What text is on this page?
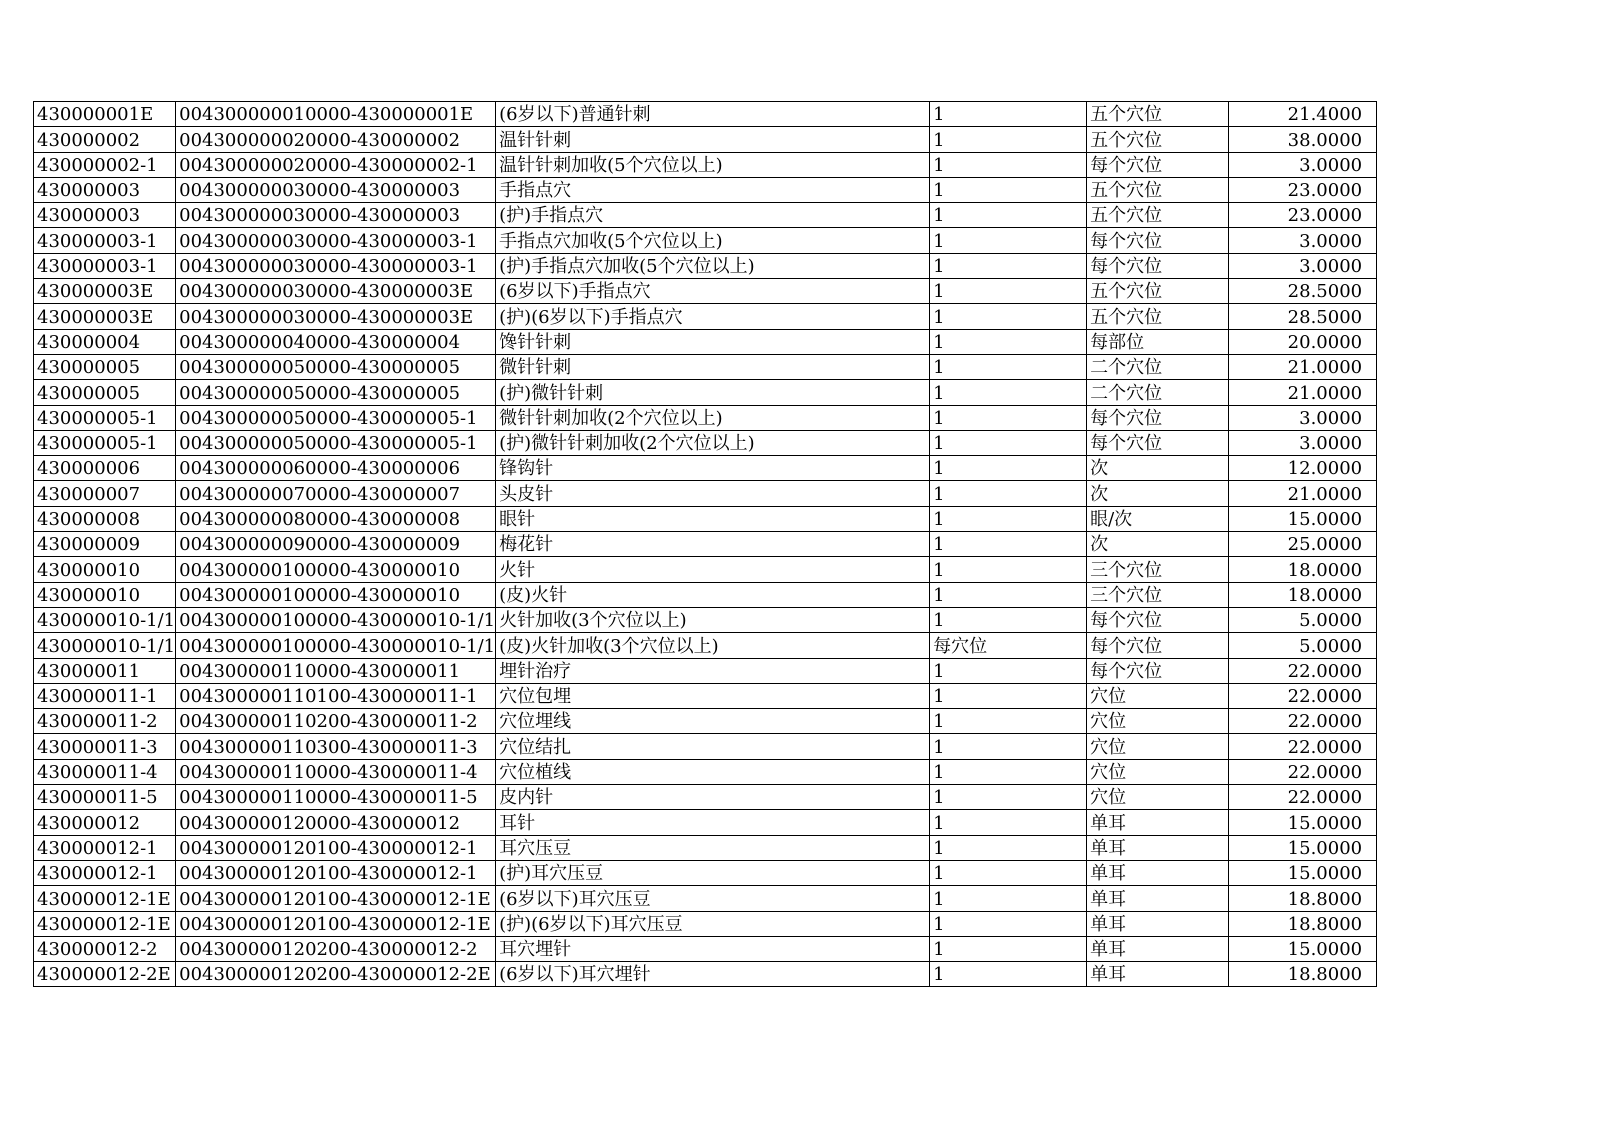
430000001E	004300000010000-430000001E	(6岁以下)普通针刺	1	五个穴位	21.4000
430000002	004300000020000-430000002	温针针刺	1	五个穴位	38.0000
430000002-1	004300000020000-430000002-1	温针针刺加收(5个穴位以上)	1	每个穴位	3.0000
430000003	004300000030000-430000003	手指点穴	1	五个穴位	23.0000
430000003	004300000030000-430000003	(护)手指点穴	1	五个穴位	23.0000
430000003-1	004300000030000-430000003-1	手指点穴加收(5个穴位以上)	1	每个穴位	3.0000
430000003-1	004300000030000-430000003-1	(护)手指点穴加收(5个穴位以上)	1	每个穴位	3.0000
430000003E	004300000030000-430000003E	(6岁以下)手指点穴	1	五个穴位	28.5000
430000003E	004300000030000-430000003E	(护)(6岁以下)手指点穴	1	五个穴位	28.5000
430000004	004300000040000-430000004	馋针针刺	1	每部位	20.0000
430000005	004300000050000-430000005	微针针刺	1	二个穴位	21.0000
430000005	004300000050000-430000005	(护)微针针刺	1	二个穴位	21.0000
430000005-1	004300000050000-430000005-1	微针针刺加收(2个穴位以上)	1	每个穴位	3.0000
430000005-1	004300000050000-430000005-1	(护)微针针刺加收(2个穴位以上)	1	每个穴位	3.0000
430000006	004300000060000-430000006	锋钩针	1	次	12.0000
430000007	004300000070000-430000007	头皮针	1	次	21.0000
430000008	004300000080000-430000008	眼针	1	眼/次	15.0000
430000009	004300000090000-430000009	梅花针	1	次	25.0000
430000010	004300000100000-430000010	火针	1	三个穴位	18.0000
430000010	004300000100000-430000010	(皮)火针	1	三个穴位	18.0000
430000010-1/1	004300000100000-430000010-1/1	火针加收(3个穴位以上)	1	每个穴位	5.0000
430000010-1/1	004300000100000-430000010-1/1	(皮)火针加收(3个穴位以上)	每穴位	每个穴位	5.0000
430000011	004300000110000-430000011	埋针治疗	1	每个穴位	22.0000
430000011-1	004300000110100-430000011-1	穴位包埋	1	穴位	22.0000
430000011-2	004300000110200-430000011-2	穴位埋线	1	穴位	22.0000
430000011-3	004300000110300-430000011-3	穴位结扎	1	穴位	22.0000
430000011-4	004300000110000-430000011-4	穴位植线	1	穴位	22.0000
430000011-5	004300000110000-430000011-5	皮内针	1	穴位	22.0000
430000012	004300000120000-430000012	耳针	1	单耳	15.0000
430000012-1	004300000120100-430000012-1	耳穴压豆	1	单耳	15.0000
430000012-1	004300000120100-430000012-1	(护)耳穴压豆	1	单耳	15.0000
430000012-1E	004300000120100-430000012-1E	(6岁以下)耳穴压豆	1	单耳	18.8000
430000012-1E	004300000120100-430000012-1E	(护)(6岁以下)耳穴压豆	1	单耳	18.8000
430000012-2	004300000120200-430000012-2	耳穴埋针	1	单耳	15.0000
430000012-2E	004300000120200-430000012-2E	(6岁以下)耳穴埋针	1	单耳	18.8000
